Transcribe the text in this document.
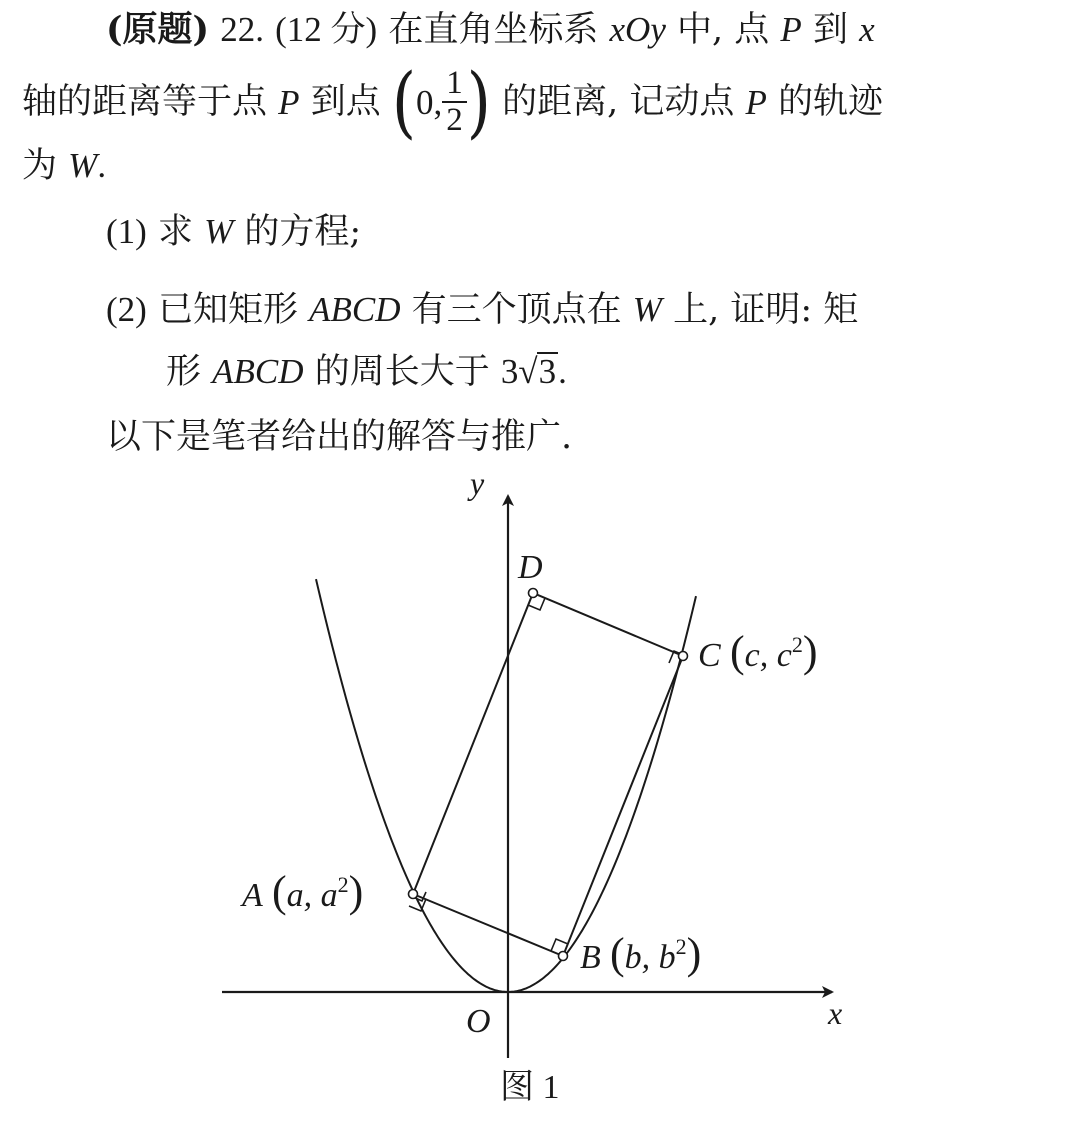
(原题) 22. (12 分) 在直角坐标系 xOy 中, 点 P 到 x
轴的距离等于点
P
到点
( 0, $\frac{1}{2}$ )
的距离, 记动点
P
的轨迹
为 W.
(1) 求 W 的方程;
(2) 已知矩形 ABCD 有三个顶点在 W 上, 证明: 矩
形 ABCD 的周长大于 3√3.
以下是笔者给出的解答与推广.
y
x
O
D
A (a, $a^2$)
B (b, $b^2$)
C (c, $c^2$)
图 1
